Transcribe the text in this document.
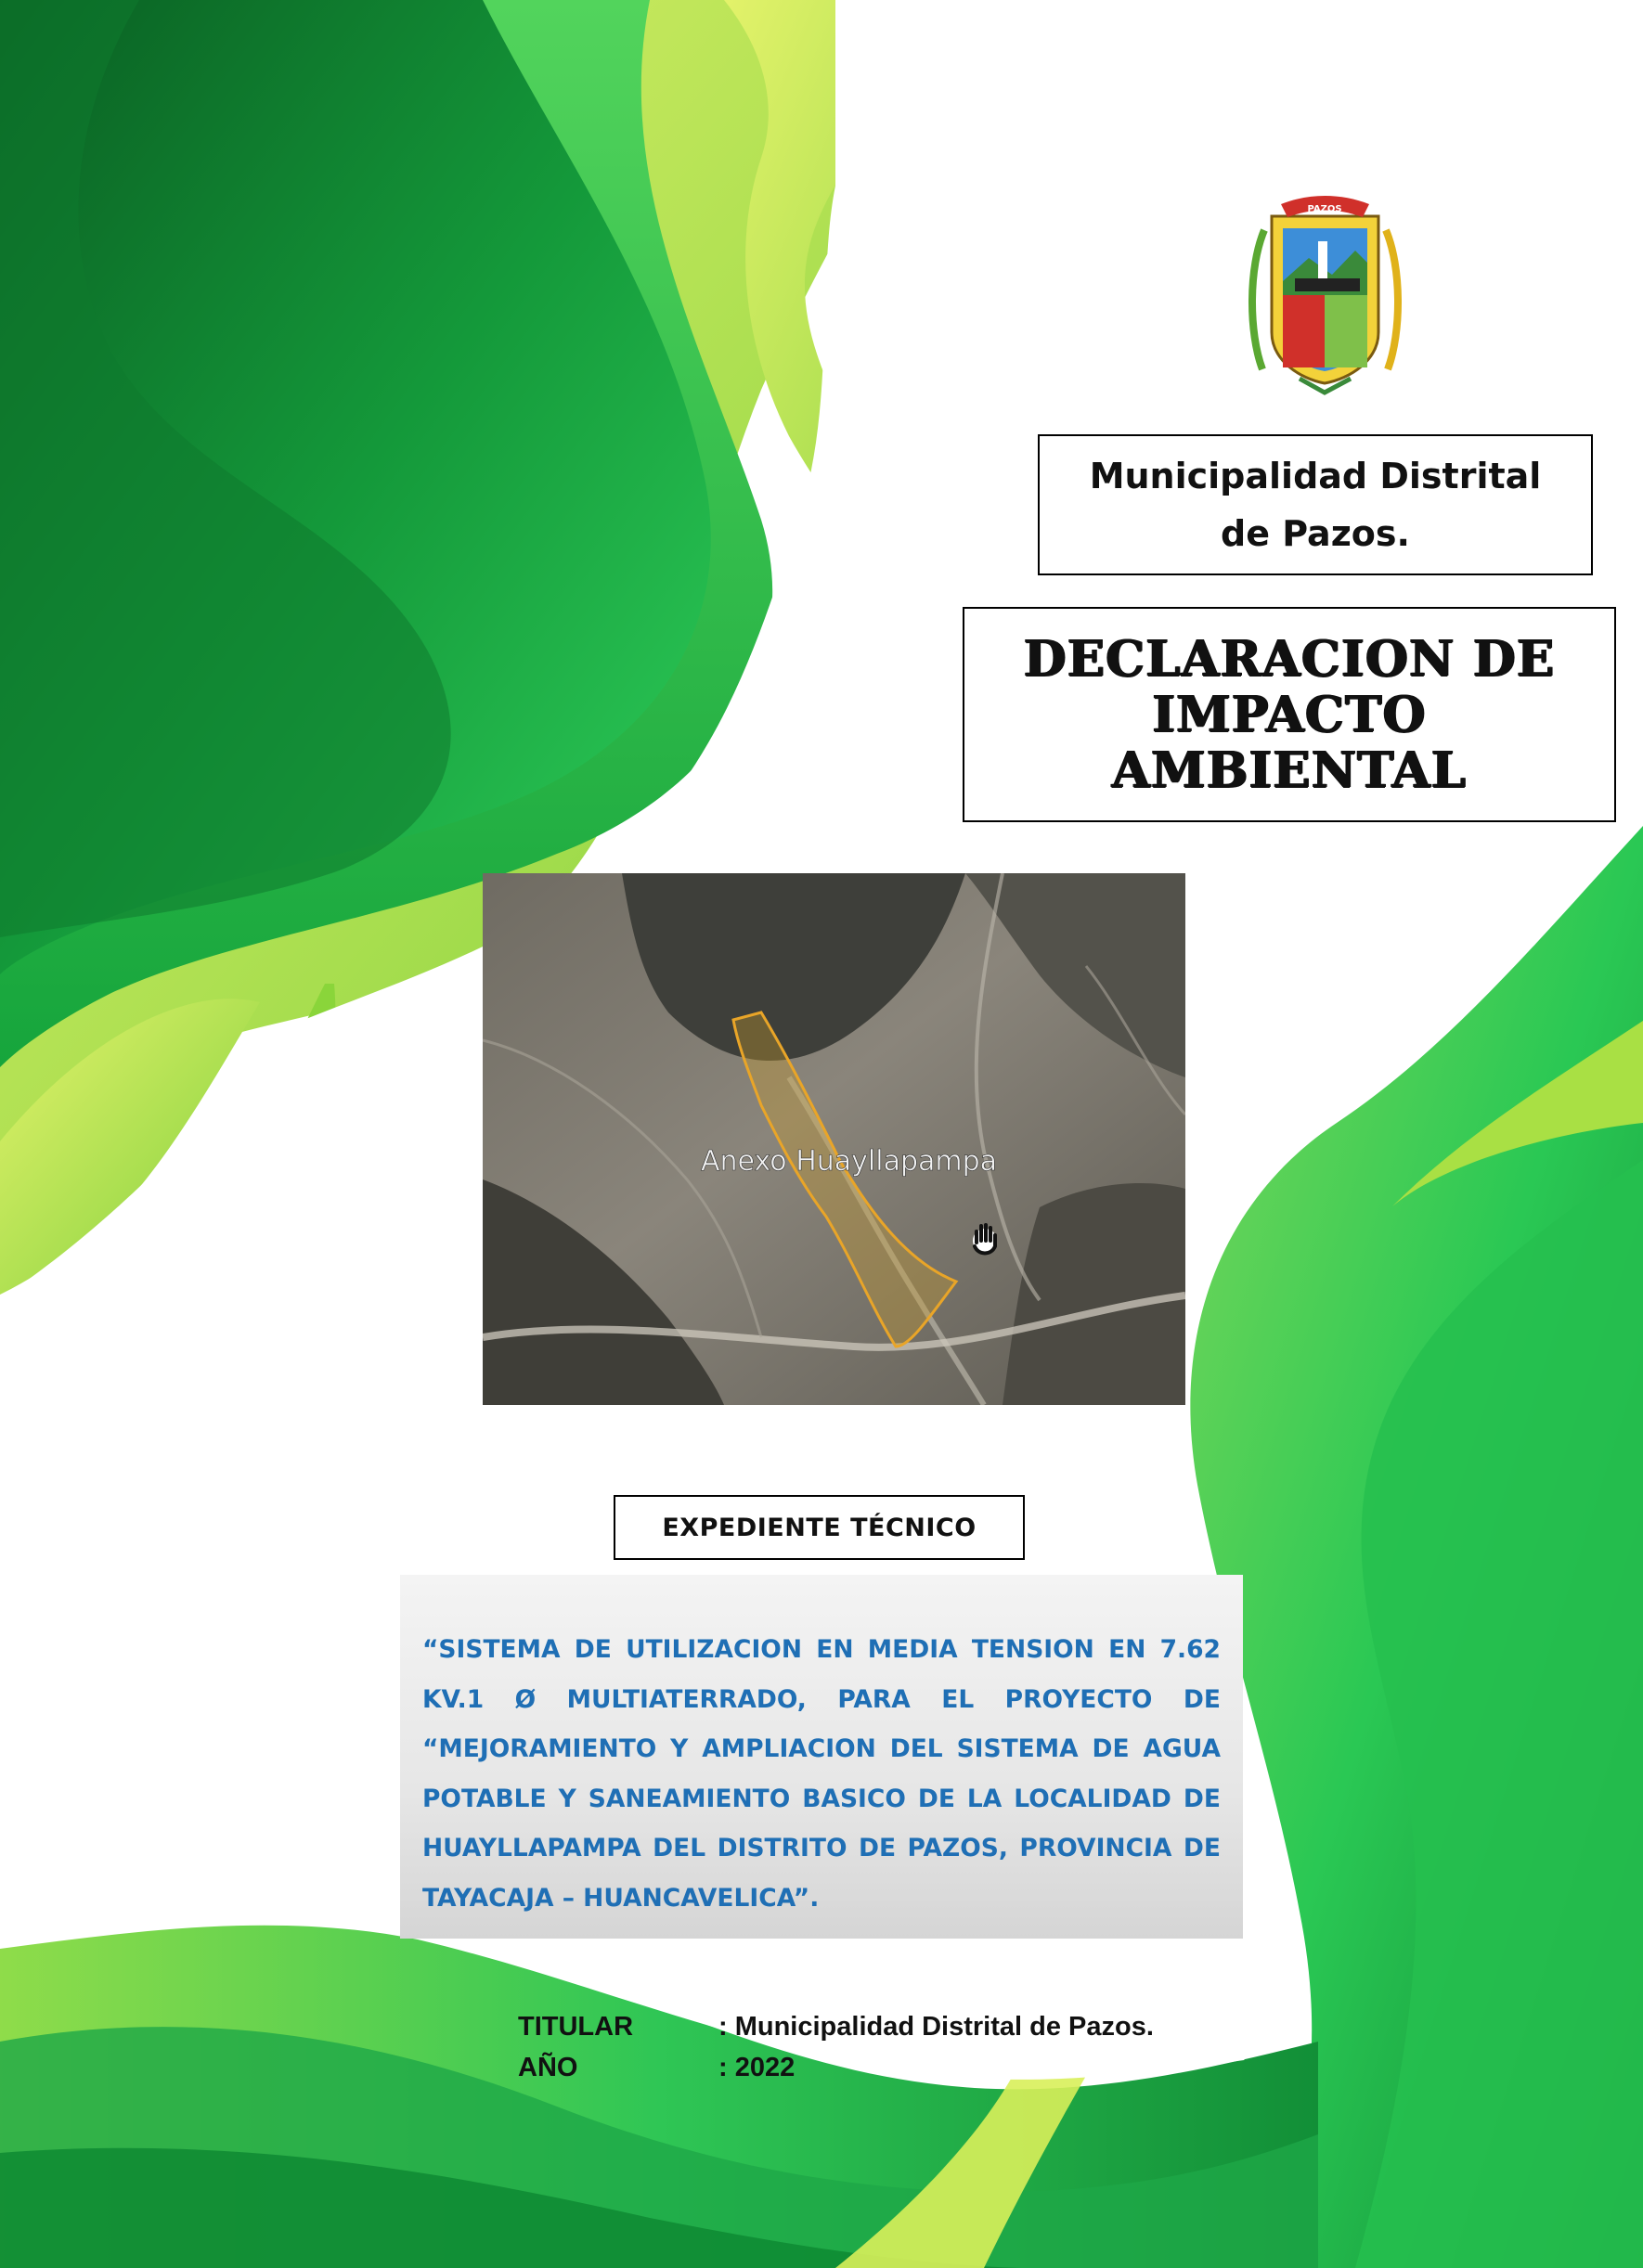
PAZOS
Municipalidad Distrital
de Pazos.
DECLARACION DE
IMPACTO
AMBIENTAL
Anexo Huayllapampa
EXPEDIENTE TÉCNICO

“SISTEMA DE UTILIZACION EN MEDIA TENSION EN 7.62 KV.1 Ø MULTIATERRADO, PARA EL PROYECTO DE “MEJORAMIENTO Y AMPLIACION DEL SISTEMA DE AGUA POTABLE Y SANEAMIENTO BASICO DE LA LOCALIDAD DE HUAYLLAPAMPA DEL DISTRITO DE PAZOS, PROVINCIA DE TAYACAJA – HUANCAVELICA”.

TITULAR	: Municipalidad Distrital de Pazos.
AÑO	: 2022
